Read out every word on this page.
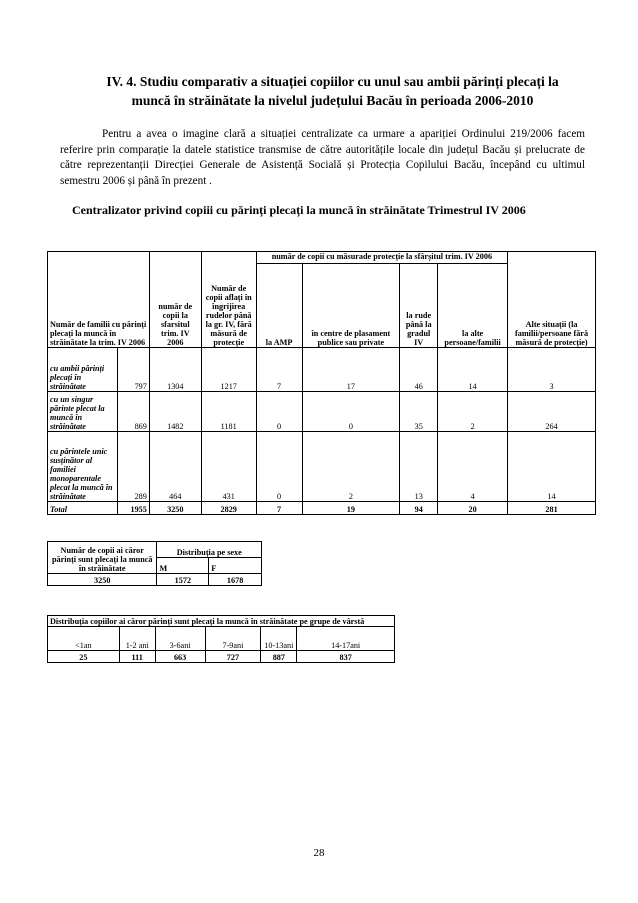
IV. 4. Studiu comparativ a situației copiilor cu unul sau ambii părinți plecați la
muncă în străinătate la nivelul județului Bacău în perioada 2006-2010
Pentru a avea o imagine clară a situației centralizate ca urmare a apariției Ordinului 219/2006 facem referire prin comparație la datele statistice transmise de către autoritățile locale din județul Bacău și prelucrate de către reprezentanții Direcției Generale de Asistență Socială și Protecția Copilului Bacău, începând cu ultimul semestru 2006 și până în prezent .
Centralizator privind copiii cu părinți plecați la muncă în străinătate Trimestrul IV 2006
Număr de familii cu părinți plecați la muncă în străinătate la trim. IV 2006		număr de copii la sfarsitul trim. IV 2006	Număr de copii aflați în îngrijirea rudelor până la gr. IV, fără măsură de protecție	număr de copii cu măsurade protecție la sfârșitul trim. IV 2006				Alte situații (la familii/persoane fără măsură de protecție)
				la AMP	în centre de plasament publice sau private	la rude până la gradul IV	la alte persoane/familii	
cu ambii părinți plecați în străinătate	797	1304	1217	7	17	46	14	3
cu un singur părinte plecat la muncă în străinătate	869	1482	1181	0	0	35	2	264
cu părintele unic susținător al familiei monoparentale plecat la muncă în străinătate	289	464	431	0	2	13	4	14
Total	1955	3250	2829	7	19	94	20	281
Număr de copii ai căror părinți sunt plecați la muncă în străinătate	Distribuția pe sexe	
	M	F
3250	1572	1678
Distribuția copiilor ai căror părinți sunt plecați la muncă în străinătate pe grupe de vârstă					
<1an	1-2 ani	3-6ani	7-9ani	10-13ani	14-17ani
25	111	663	727	887	837
28
